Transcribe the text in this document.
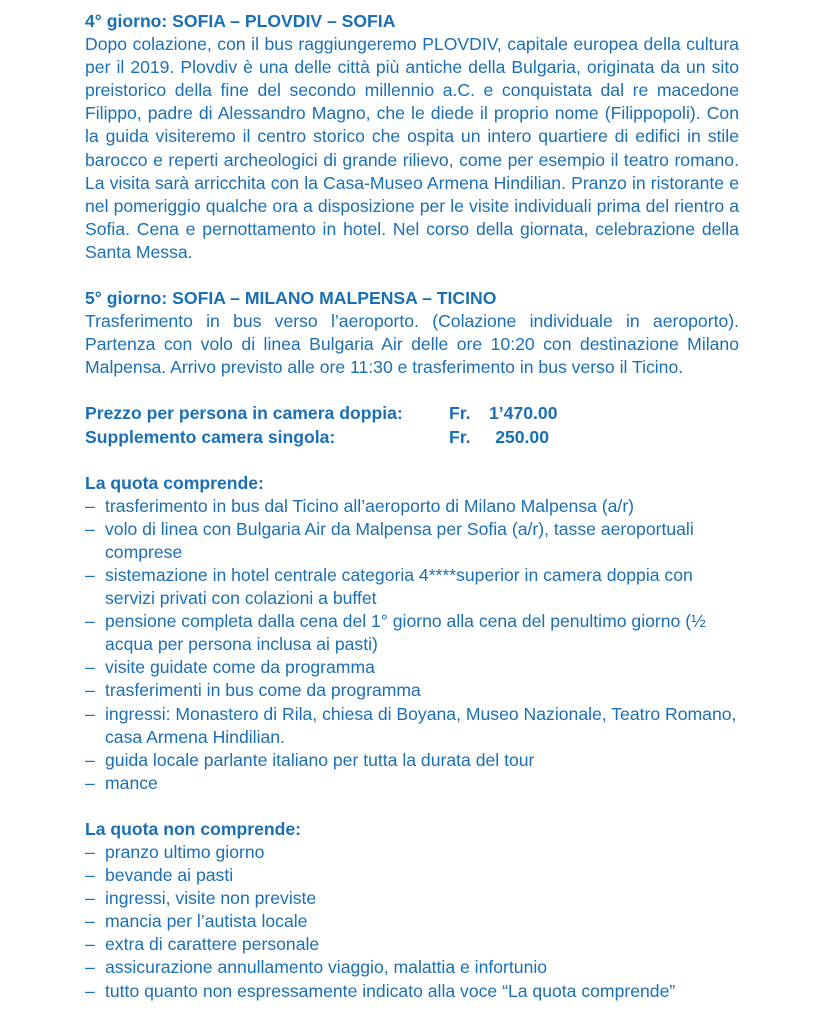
4° giorno: SOFIA – PLOVDIV – SOFIA

Dopo colazione, con il bus raggiungeremo PLOVDIV, capitale europea della cultura per il 2019. Plovdiv è una delle città più antiche della Bulgaria, originata da un sito preistorico della fine del secondo millennio a.C. e conquistata dal re macedone Filippo, padre di Alessandro Magno, che le diede il proprio nome (Filippopoli). Con la guida visiteremo il centro storico che ospita un intero quartiere di edifici in stile barocco e reperti archeologici di grande rilievo, come per esempio il teatro romano. La visita sarà arricchita con la Casa-Museo Armena Hindilian. Pranzo in ristorante e nel pomeriggio qualche ora a disposizione per le visite individuali prima del rientro a Sofia. Cena e pernottamento in hotel. Nel corso della giornata, celebrazione della Santa Messa.

5° giorno: SOFIA – MILANO MALPENSA – TICINO

Trasferimento in bus verso l’aeroporto. (Colazione individuale in aeroporto). Partenza con volo di linea Bulgaria Air delle ore 10:20 con destinazione Milano Malpensa. Arrivo previsto alle ore 11:30 e trasferimento in bus verso il Ticino.

Prezzo per persona in camera doppia:	Fr.	1’470.00
Supplemento camera singola:	Fr.	250.00
La quota comprende:
– trasferimento in bus dal Ticino all’aeroporto di Milano Malpensa (a/r)
– volo di linea con Bulgaria Air da Malpensa per Sofia (a/r), tasse aeroportuali comprese
– sistemazione in hotel centrale categoria 4****superior in camera doppia con servizi privati con colazioni a buffet
– pensione completa dalla cena del 1° giorno alla cena del penultimo giorno (½ acqua per persona inclusa ai pasti)
– visite guidate come da programma
– trasferimenti in bus come da programma
– ingressi: Monastero di Rila, chiesa di Boyana, Museo Nazionale, Teatro Romano, casa Armena Hindilian.
– guida locale parlante italiano per tutta la durata del tour
– mance
La quota non comprende:
– pranzo ultimo giorno
– bevande ai pasti
– ingressi, visite non previste
– mancia per l’autista locale
– extra di carattere personale
– assicurazione annullamento viaggio, malattia e infortunio
– tutto quanto non espressamente indicato alla voce “La quota comprende”
